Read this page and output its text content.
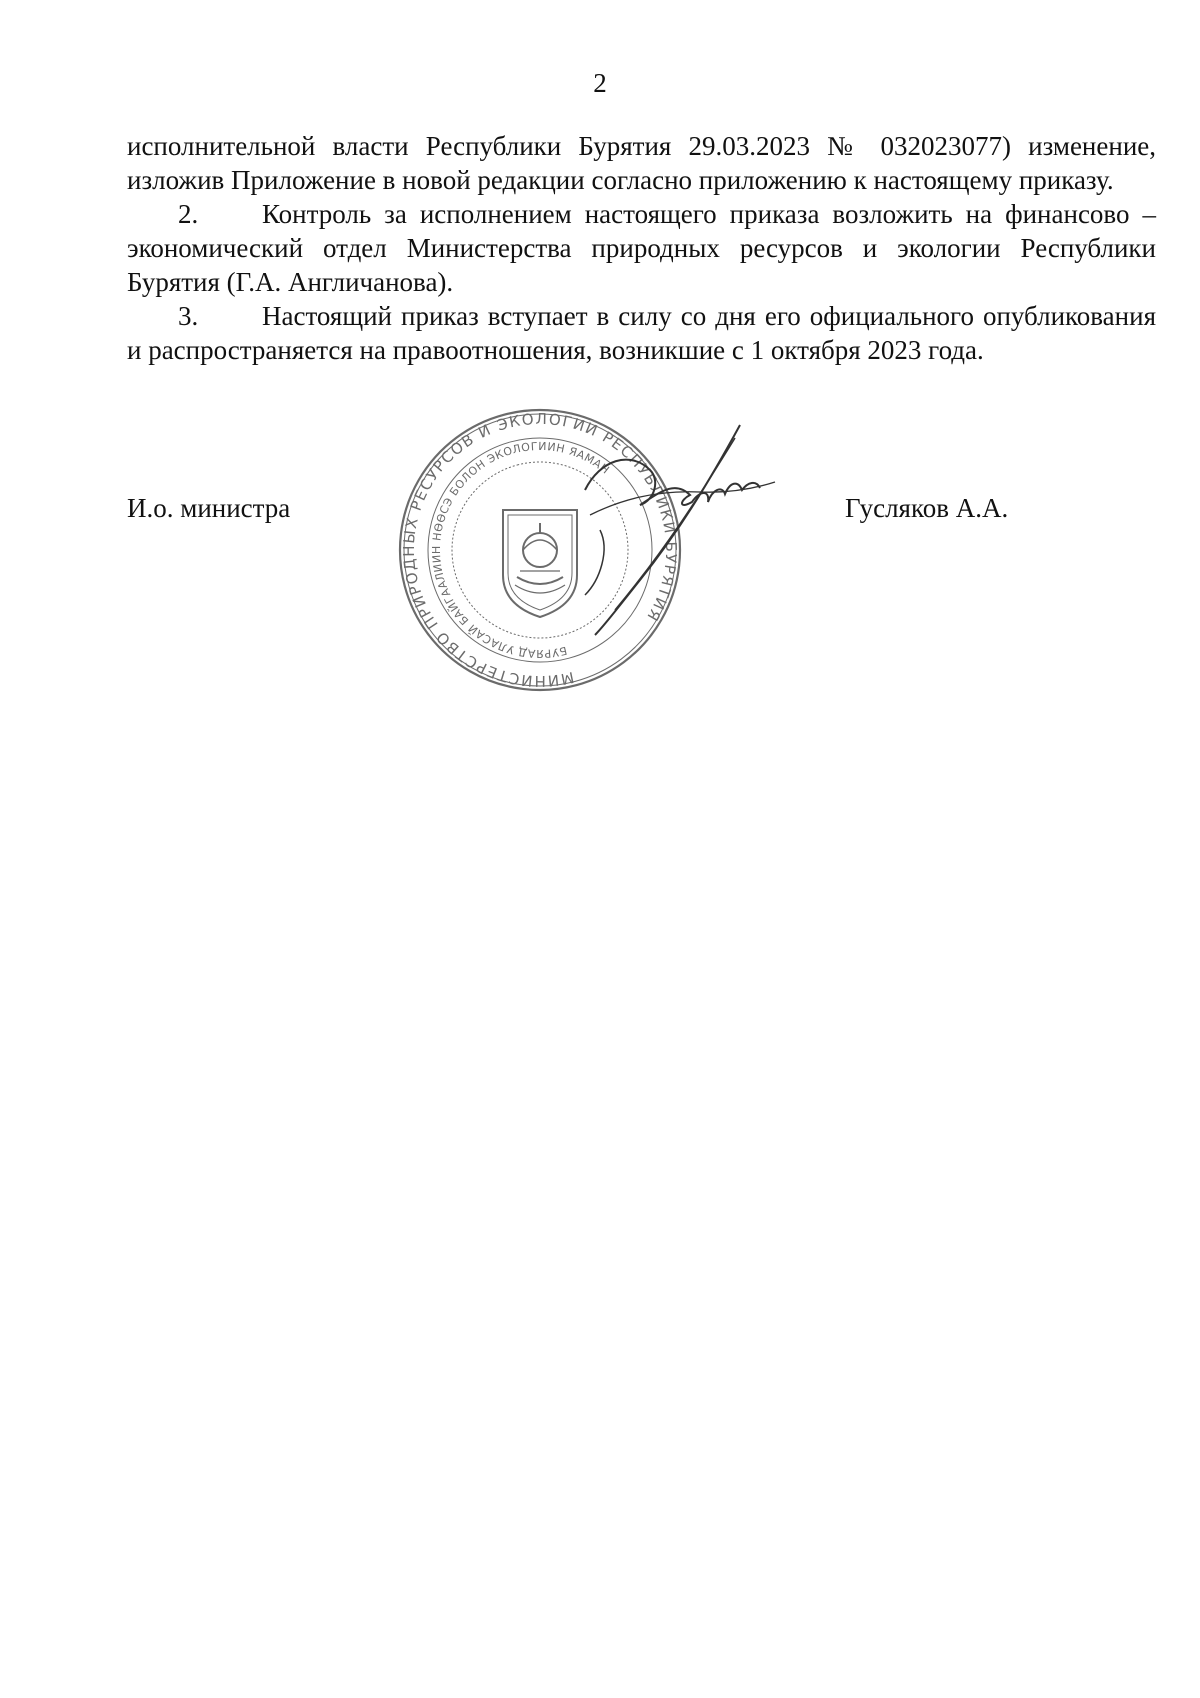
2

исполнительной власти Республики Бурятия 29.03.2023 № 032023077) изменение, изложив Приложение в новой редакции согласно приложению к настоящему приказу.

2. Контроль за исполнением настоящего приказа возложить на финансово – экономический отдел Министерства природных ресурсов и экологии Республики Бурятия (Г.А. Англичанова).

3. Настоящий приказ вступает в силу со дня его официального опубликования и распространяется на правоотношения, возникшие с 1 октября 2023 года.

И.о. министра	Гусляков А.А.
МИНИСТЕРСТВО ПРИРОДНЫХ РЕСУРСОВ И ЭКОЛОГИИ РЕСПУБЛИКИ БУРЯТИЯ
БУРЯАД УЛАСАЙ БАЙГААЛИИН НӨӨСЭ БОЛОН ЭКОЛОГИИН ЯАМАН
